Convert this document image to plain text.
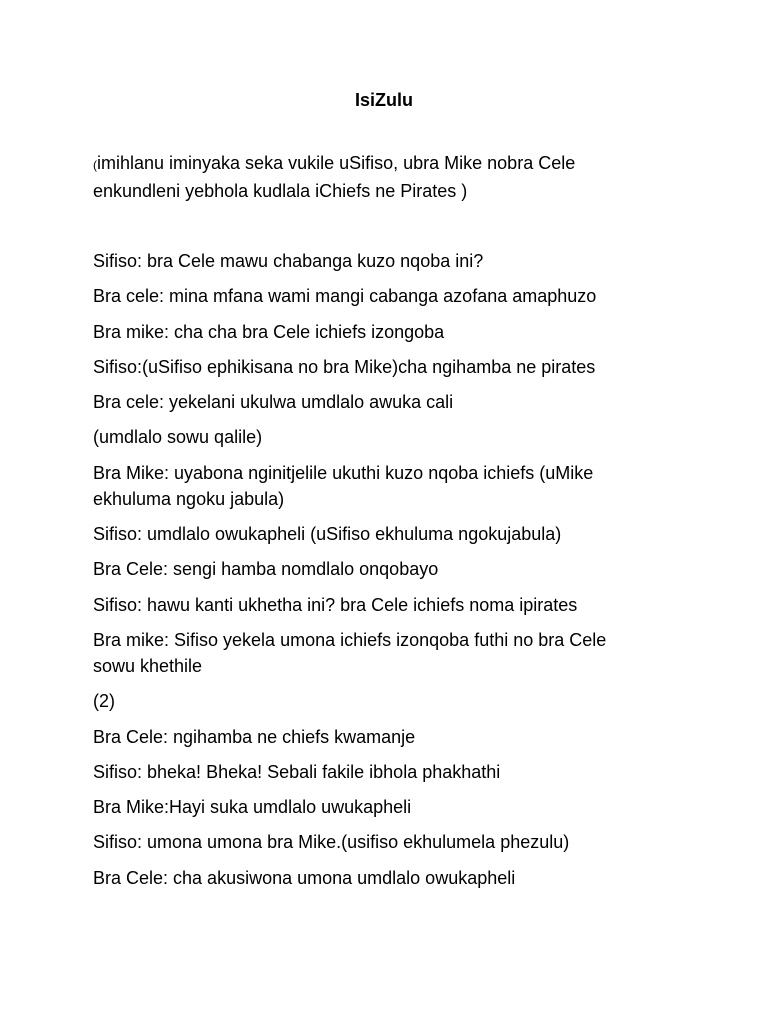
IsiZulu
(imihlanu iminyaka seka vukile uSifiso, ubra Mike nobra Cele enkundleni yebhola kudlala iChiefs ne Pirates )

Sifiso: bra Cele mawu chabanga kuzo nqoba ini?

Bra cele: mina mfana wami mangi cabanga azofana amaphuzo

Bra mike: cha cha bra Cele ichiefs izongoba

Sifiso:(uSifiso ephikisana no bra Mike)cha ngihamba ne pirates

Bra cele: yekelani ukulwa umdlalo awuka cali

(umdlalo sowu qalile)

Bra Mike: uyabona nginitjelile ukuthi kuzo nqoba ichiefs (uMike ekhuluma ngoku jabula)

Sifiso: umdlalo owukapheli (uSifiso ekhuluma ngokujabula)

Bra Cele: sengi hamba nomdlalo onqobayo

Sifiso: hawu kanti ukhetha ini? bra Cele ichiefs noma ipirates

Bra mike: Sifiso yekela umona ichiefs izonqoba futhi no bra Cele sowu khethile

(2)

Bra Cele: ngihamba ne chiefs kwamanje

Sifiso: bheka! Bheka! Sebali fakile ibhola phakhathi

Bra Mike:Hayi suka umdlalo uwukapheli

Sifiso: umona umona bra Mike.(usifiso ekhulumela phezulu)

Bra Cele: cha akusiwona umona umdlalo owukapheli
